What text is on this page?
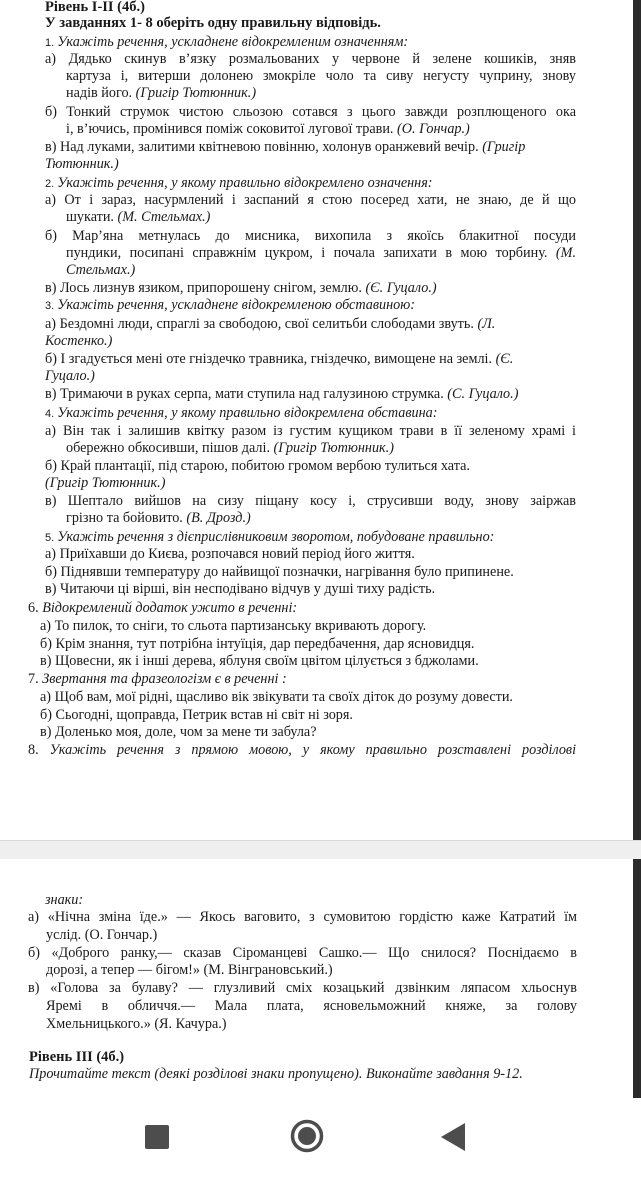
Рівень І-ІІ (4б.)
У завданнях 1- 8 оберіть одну правильну відповідь.
1. Укажіть речення, ускладнене відокремленим означенням:
а) Дядько скинув в’язку розмальованих у червоне й зелене кошиків, зняв
картуза і, витерши долонею змокріле чоло та сиву негусту чуприну, знову
надів його. (Григір Тютюнник.)
б) Тонкий струмок чистою сльозою сотався з цього завжди розплющеного ока
і, в’ючись, промінився поміж соковитої лугової трави. (О. Гончар.)
в) Над луками, залитими квітневою повінню, холонув оранжевий вечір. (Григір
Тютюнник.)
2. Укажіть речення, у якому правильно відокремлено означення:
а) От і зараз, насурмлений і заспаний я стою посеред хати, не знаю, де й що
шукати. (М. Стельмах.)
б) Мар’яна метнулась до мисника, вихопила з якоїсь блакитної посуди
пундики, посипані справжнім цукром, і почала запихати в мою торбину. (М.
Стельмах.)
в) Лось лизнув язиком, припорошену снігом, землю. (Є. Гуцало.)
3. Укажіть речення, ускладнене відокремленою обставиною:
а) Бездомні люди, спраглі за свободою, свої селитьби слободами звуть. (Л.
Костенко.)
б) І згадується мені оте гніздечко травника, гніздечко, вимощене на землі. (Є.
Гуцало.)
в) Тримаючи в руках серпа, мати ступила над галузиною струмка. (С. Гуцало.)
4. Укажіть речення, у якому правильно відокремлена обставина:
а) Він так і залишив квітку разом із густим кущиком трави в її зеленому храмі і
обережно обкосивши, пішов далі. (Григір Тютюнник.)
б) Край плантації, під старою, побитою громом вербою тулиться хата.
(Григір Тютюнник.)
в) Шептало вийшов на сизу піщану косу і, струсивши воду, знову заіржав
грізно та бойовито. (В. Дрозд.)
5. Укажіть речення з дієприслівниковим зворотом, побудоване правильно:
а) Приїхавши до Києва, розпочався новий період його життя.
б) Піднявши температуру до найвищої позначки, нагрівання було припинене.
в) Читаючи ці вірші, він несподівано відчув у душі тиху радість.
6. Відокремлений додаток ужито в реченні:
а) То пилок, то сніги, то сльота партизанську вкривають дорогу.
б) Крім знання, тут потрібна інтуїція, дар передбачення, дар ясновидця.
в) Щовесни, як і інші дерева, яблуня своїм цвітом цілується з бджолами.
7. Звертання та фразеологізм є в реченні :
а) Щоб вам, мої рідні, щасливо вік звікувати та своїх діток до розуму довести.
б) Сьогодні, щоправда, Петрик встав ні світ ні зоря.
в) Доленько моя, доле, чом за мене ти забула?
8. Укажіть речення з прямою мовою, у якому правильно розставлені розділові
знаки:
а) «Нічна зміна їде.» — Якось ваговито, з сумовитою гордістю каже Катратий їм
услід. (О. Гончар.)
б) «Доброго ранку,— сказав Сіроманцеві Сашко.— Що снилося? Поснідаємо в
дорозі, а тепер — бігом!» (М. Вінграновський.)
в) «Голова за булаву? — глузливий сміх козацький дзвінким ляпасом хльоснув
Яремі в обличчя.— Мала плата, ясновельможний княже, за голову
Хмельницького.» (Я. Качура.)
Рівень ІІІ (4б.)
Прочитайте текст (деякі розділові знаки пропущено). Виконайте завдання 9-12.
